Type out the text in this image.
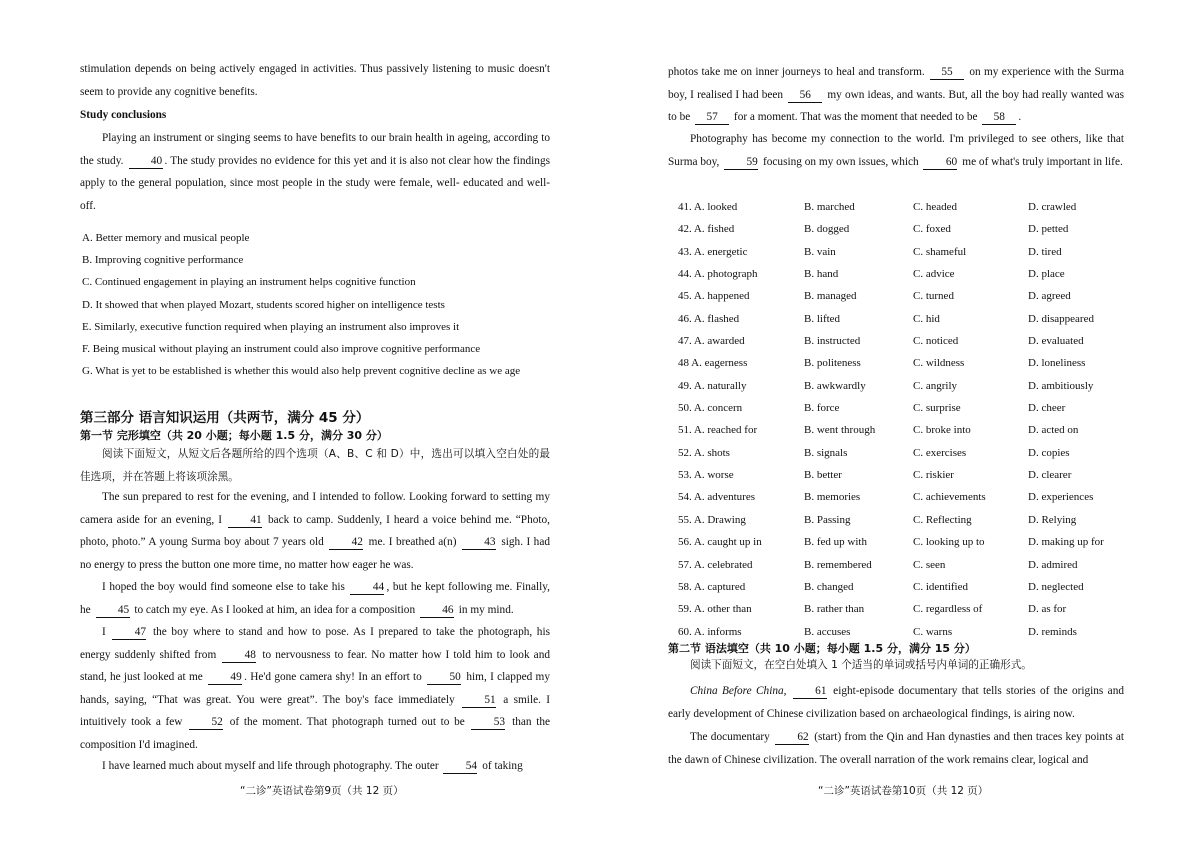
stimulation depends on being actively engaged in activities. Thus passively listening to music doesn't seem to provide any cognitive benefits.

Study conclusions

Playing an instrument or singing seems to have benefits to our brain health in ageing, according to the study. 40 . The study provides no evidence for this yet and it is also not clear how the findings apply to the general population, since most people in the study were female, well- educated and well-off.

A. Better memory and musical people
B. Improving cognitive performance
C. Continued engagement in playing an instrument helps cognitive function
D. It showed that when played Mozart, students scored higher on intelligence tests
E. Similarly, executive function required when playing an instrument also improves it
F. Being musical without playing an instrument could also improve cognitive performance
G. What is yet to be established is whether this would also help prevent cognitive decline as we age
第三部分 语言知识运用（共两节，满分 45 分）
第一节 完形填空（共 20 小题；每小题 1.5 分，满分 30 分）

阅读下面短文，从短文后各题所给的四个选项（A、B、C 和 D）中，选出可以填入空白处的最佳选项，并在答题上将该项涂黑。

The sun prepared to rest for the evening, and I intended to follow. Looking forward to setting my camera aside for an evening, I 41 back to camp. Suddenly, I heard a voice behind me. “Photo, photo, photo.” A young Surma boy about 7 years old 42 me. I breathed a(n) 43 sigh. I had no energy to press the button one more time, no matter how eager he was.

I hoped the boy would find someone else to take his 44 , but he kept following me. Finally, he 45 to catch my eye. As I looked at him, an idea for a composition 46 in my mind.

I 47 the boy where to stand and how to pose. As I prepared to take the photograph, his energy suddenly shifted from 48 to nervousness to fear. No matter how I told him to look and stand, he just looked at me 49 . He'd gone camera shy! In an effort to 50 him, I clapped my hands, saying, “That was great. You were great”. The boy's face immediately 51 a smile. I intuitively took a few 52 of the moment. That photograph turned out to be 53 than the composition I'd imagined.

I have learned much about myself and life through photography. The outer 54 of taking

“二诊”英语试卷第9页（共 12 页）

photos take me on inner journeys to heal and transform. 55 on my experience with the Surma boy, I realised I had been 56 my own ideas, and wants. But, all the boy had really wanted was to be 57 for a moment. That was the moment that needed to be 58 .

Photography has become my connection to the world. I'm privileged to see others, like that Surma boy, 59 focusing on my own issues, which 60 me of what's truly important in life.

41. A. looked	B. marched	C. headed	D. crawled
42. A. fished	B. dogged	C. foxed	D. petted
43. A. energetic	B. vain	C. shameful	D. tired
44. A. photograph	B. hand	C. advice	D. place
45. A. happened	B. managed	C. turned	D. agreed
46. A. flashed	B. lifted	C. hid	D. disappeared
47. A. awarded	B. instructed	C. noticed	D. evaluated
48 A. eagerness	B. politeness	C. wildness	D. loneliness
49. A. naturally	B. awkwardly	C. angrily	D. ambitiously
50. A. concern	B. force	C. surprise	D. cheer
51. A. reached for	B. went through	C. broke into	D. acted on
52. A. shots	B. signals	C. exercises	D. copies
53. A. worse	B. better	C. riskier	D. clearer
54. A. adventures	B. memories	C. achievements	D. experiences
55. A. Drawing	B. Passing	C. Reflecting	D. Relying
56. A. caught up in	B. fed up with	C. looking up to	D. making up for
57. A. celebrated	B. remembered	C. seen	D. admired
58. A. captured	B. changed	C. identified	D. neglected
59. A. other than	B. rather than	C. regardless of	D. as for
60. A. informs	B. accuses	C. warns	D. reminds
第二节 语法填空（共 10 小题；每小题 1.5 分，满分 15 分）

阅读下面短文，在空白处填入 1 个适当的单词或括号内单词的正确形式。

China Before China, 61 eight-episode documentary that tells stories of the origins and early development of Chinese civilization based on archaeological findings, is airing now.

The documentary 62 (start) from the Qin and Han dynasties and then traces key points at the dawn of Chinese civilization. The overall narration of the work remains clear, logical and

“二诊”英语试卷第10页（共 12 页）
